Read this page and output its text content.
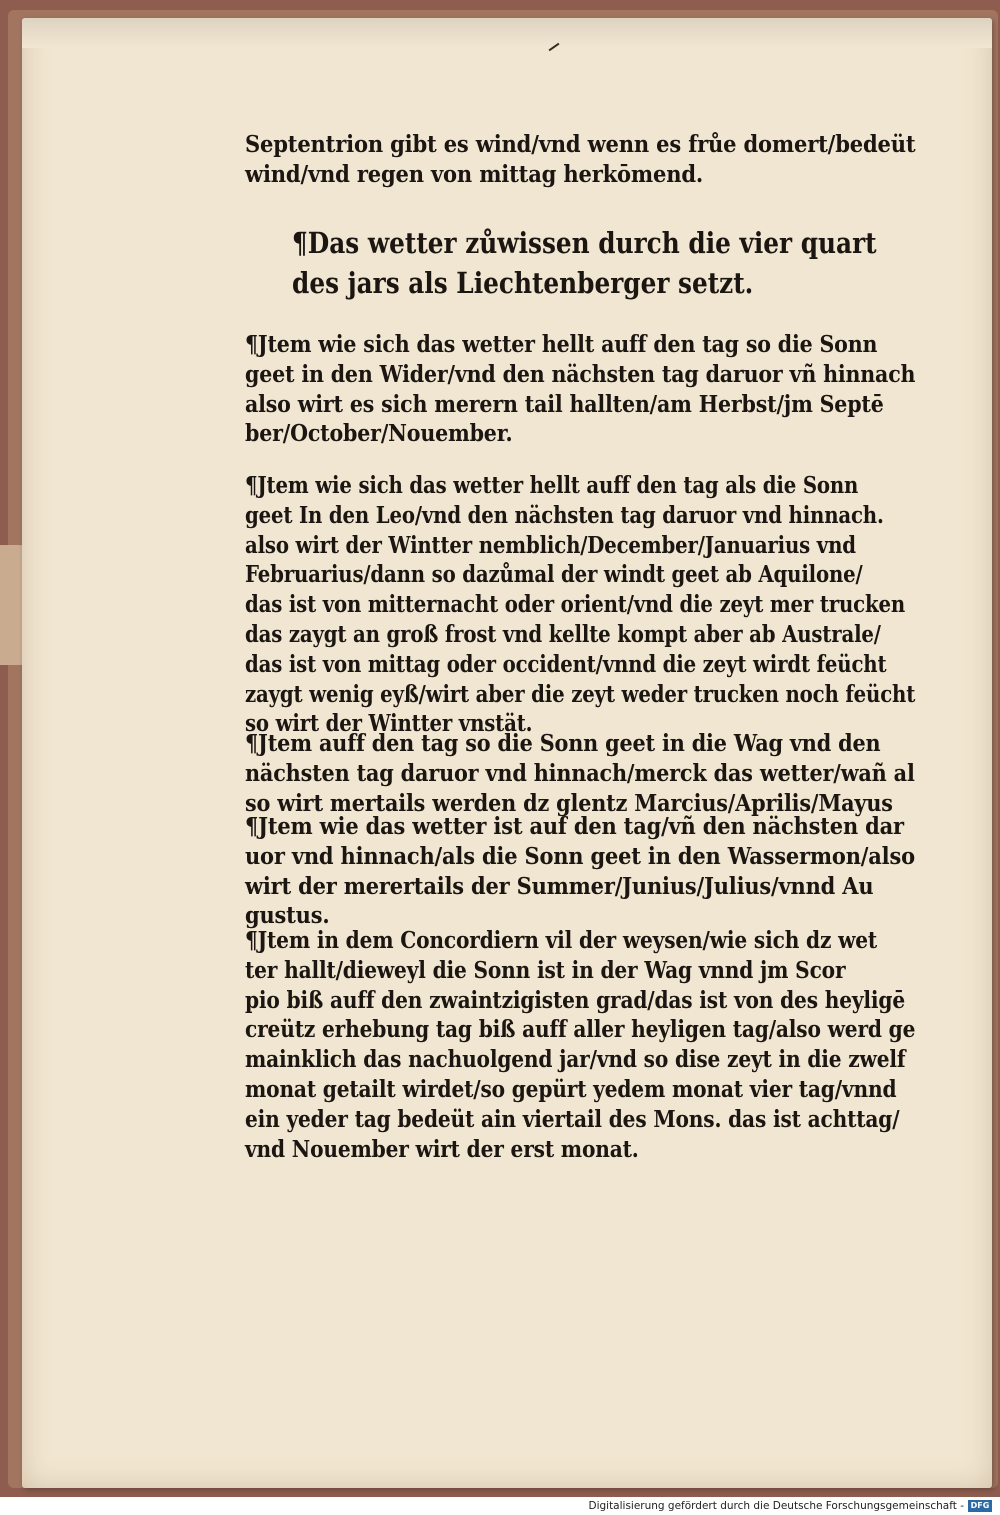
Septentrion gibt es wind/vnd wenn es frůe domert/bedeüt
wind/vnd regen von mittag herkōmend.
¶Das wetter zůwissen durch die vier quart
des jars als Liechtenberger setzt.
¶Jtem wie sich das wetter hellt auff den tag so die Sonn
geet in den Wider/vnd den nächsten tag daruor vñ hinnach
also wirt es sich merern tail hallten/am Herbst/jm Septē
ber/October/Nouember.
¶Jtem wie sich das wetter hellt auff den tag als die Sonn
geet In den Leo/vnd den nächsten tag daruor vnd hinnach.
also wirt der Wintter nemblich/December/Januarius vnd
Februarius/dann so dazůmal der windt geet ab Aquilone/
das ist von mitternacht oder orient/vnd die zeyt mer trucken
das zaygt an groß frost vnd kellte kompt aber ab Australe/
das ist von mittag oder occident/vnnd die zeyt wirdt feücht
zaygt wenig eyß/wirt aber die zeyt weder trucken noch feücht
so wirt der Wintter vnstät.
¶Jtem auff den tag so die Sonn geet in die Wag vnd den
nächsten tag daruor vnd hinnach/merck das wetter/wañ al
so wirt mertails werden dz glentz Marcius/Aprilis/Mayus
¶Jtem wie das wetter ist auf den tag/vñ den nächsten dar
uor vnd hinnach/als die Sonn geet in den Wassermon/also
wirt der merertails der Summer/Junius/Julius/vnnd Au
gustus.
¶Jtem in dem Concordiern vil der weysen/wie sich dz wet
ter hallt/dieweyl die Sonn ist in der Wag vnnd jm Scor
pio biß auff den zwaintzigisten grad/das ist von des heyligē
creütz erhebung tag biß auff aller heyligen tag/also werd ge
mainklich das nachuolgend jar/vnd so dise zeyt in die zwelf
monat getailt wirdet/so gepürt yedem monat vier tag/vnnd
ein yeder tag bedeüt ain viertail des Mons. das ist achttag/
vnd Nouember wirt der erst monat.
Digitalisierung gefördert durch die Deutsche Forschungsgemeinschaft - DFG
